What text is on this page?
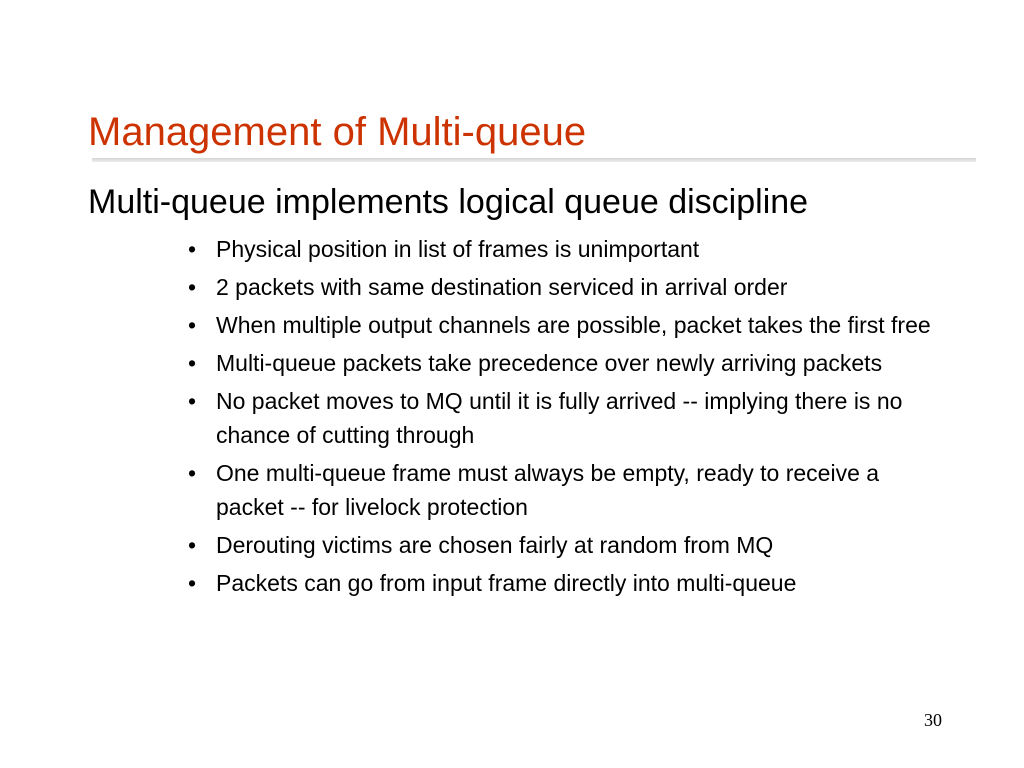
Management of Multi-queue
Multi-queue implements logical queue discipline
• Physical position in list of frames is unimportant
• 2 packets with same destination serviced in arrival order
• When multiple output channels are possible, packet takes the first free
• Multi-queue packets take precedence over newly arriving packets
• No packet moves to MQ until it is fully arrived -- implying there is no chance of cutting through
• One multi-queue frame must always be empty, ready to receive a packet -- for livelock protection
• Derouting victims are chosen fairly at random from MQ
• Packets can go from input frame directly into multi-queue
30
